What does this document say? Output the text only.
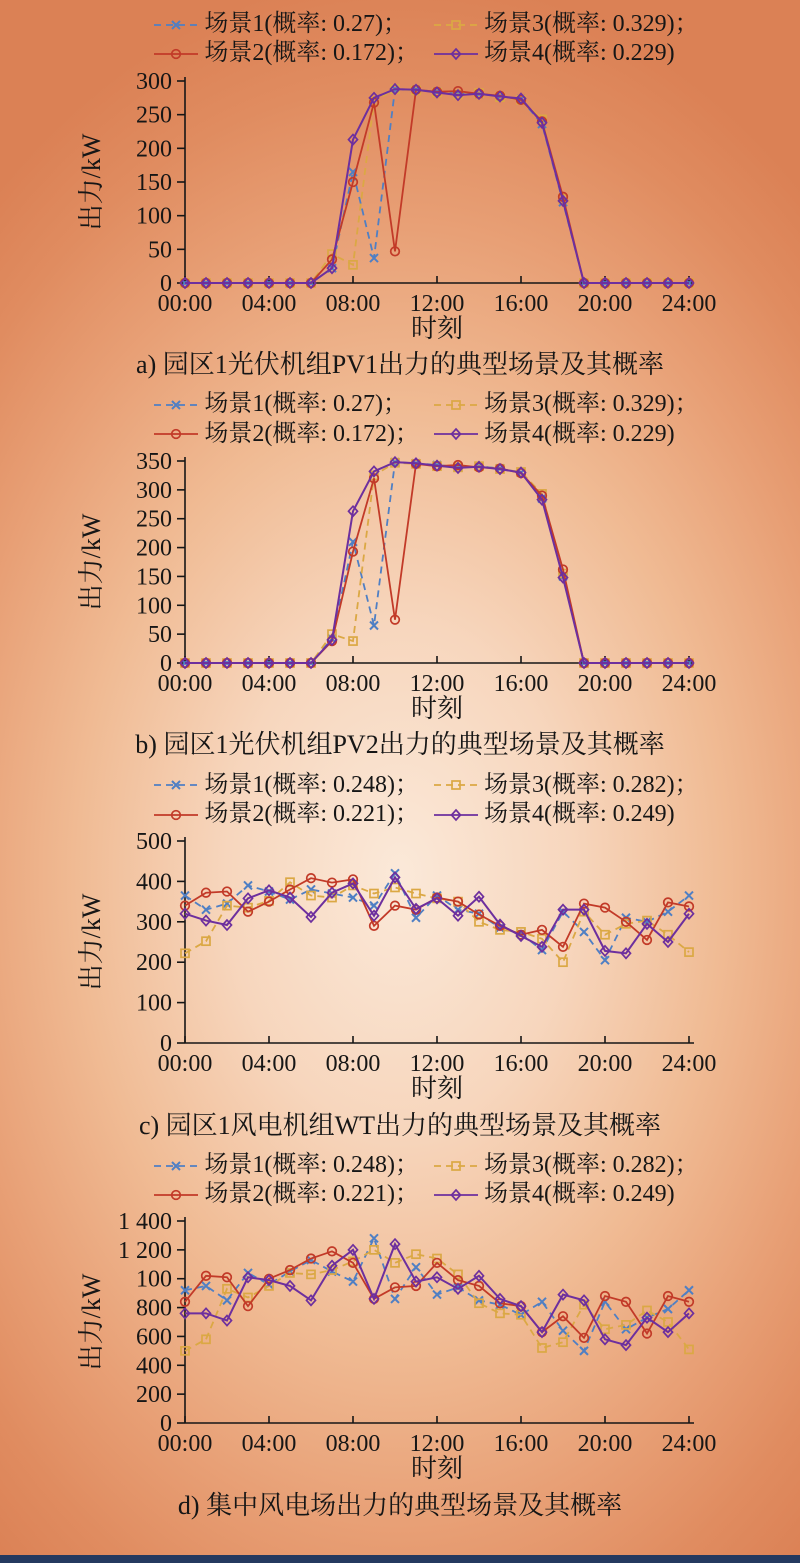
场景1(概率: 0.27)；	场景3(概率: 0.329)；
场景2(概率: 0.172)；	场景4(概率: 0.229)
0
50
100
150
200
250
300
00:00 04:00 08:00 12:00 16:00 20:00 24:00
出力/kW
时刻
a) 园区1光伏机组PV1出力的典型场景及其概率
场景1(概率: 0.27)；	场景3(概率: 0.329)；
场景2(概率: 0.172)；	场景4(概率: 0.229)
0
50
100
150
200
250
300
350
00:00 04:00 08:00 12:00 16:00 20:00 24:00
出力/kW
时刻
b) 园区1光伏机组PV2出力的典型场景及其概率
场景1(概率: 0.248)；	场景3(概率: 0.282)；
场景2(概率: 0.221)；	场景4(概率: 0.249)
0
100
200
300
400
500
00:00 04:00 08:00 12:00 16:00 20:00 24:00
出力/kW
时刻
c) 园区1风电机组WT出力的典型场景及其概率
场景1(概率: 0.248)；	场景3(概率: 0.282)；
场景2(概率: 0.221)；	场景4(概率: 0.249)
0
200
400
600
800
100
1 200
1 400
00:00 04:00 08:00 12:00 16:00 20:00 24:00
出力/kW
时刻
d) 集中风电场出力的典型场景及其概率
